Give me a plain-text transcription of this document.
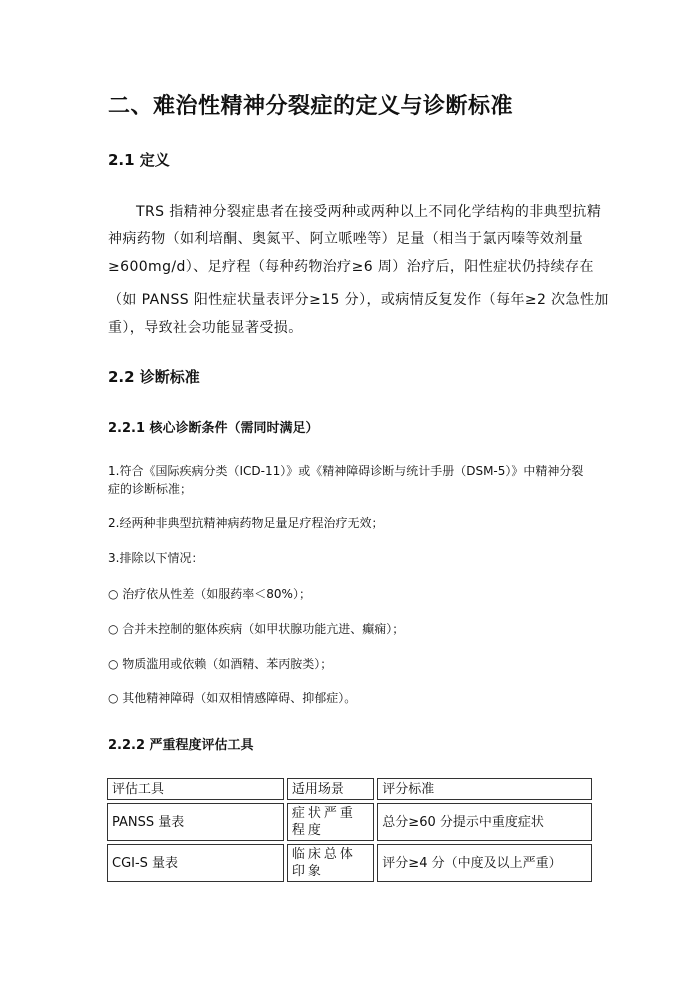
二、难治性精神分裂症的定义与诊断标准
2.1 定义

TRS 指精神分裂症患者在接受两种或两种以上不同化学结构的非典型抗精

神病药物（如利培酮、奥氮平、阿立哌唑等）足量（相当于氯丙嗪等效剂量

≥600mg/d）、足疗程（每种药物治疗≥6 周）治疗后，阳性症状仍持续存在

（如 PANSS 阳性症状量表评分≥15 分），或病情反复发作（每年≥2 次急性加

重），导致社会功能显著受损。

2.2 诊断标准
2.2.1 核心诊断条件（需同时满足）

1.符合《国际疾病分类（ICD-11）》或《精神障碍诊断与统计手册（DSM-5）》中精神分裂

症的诊断标准；

2.经两种非典型抗精神病药物足量足疗程治疗无效；

3.排除以下情况：

○ 治疗依从性差（如服药率＜80%）；

○ 合并未控制的躯体疾病（如甲状腺功能亢进、癫痫）；

○ 物质滥用或依赖（如酒精、苯丙胺类）；

○ 其他精神障碍（如双相情感障碍、抑郁症）。

2.2.2 严重程度评估工具
评估工具	适用场景	评分标准
PANSS 量表	症状严重程度	总分≥60 分提示中重度症状
CGI-S 量表	临床总体印象	评分≥4 分（中度及以上严重）
